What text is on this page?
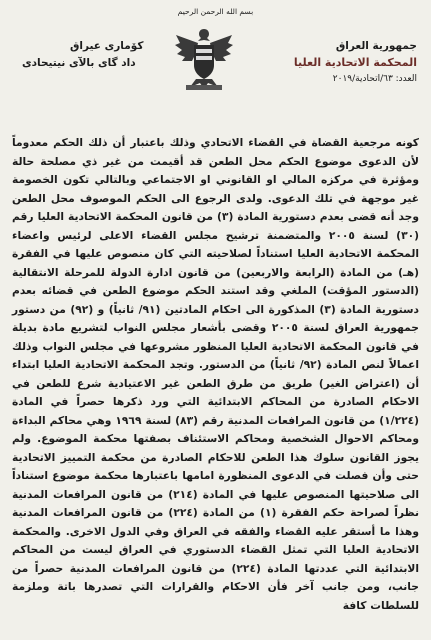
بسم الله الرحمن الرحيم
جمهورية العراق
المحكمة الاتحادية العليا
العدد: ٦٣/اتحادية/٢٠١٩
کۆماری عیراق
داد گاى بالآى نيتيحادى

كونه مرجعية القضاة في القضاء الاتحادي وذلك باعتبار أن ذلك الحكم معدوماً لأن الدعوى موضوع الحكم محل الطعن قد أقيمت من غير ذي مصلحة حالة ومؤثرة في مركزه المالي او القانوني او الاجتماعي وبالتالي تكون الخصومة غير موجهة في تلك الدعوى. ولدى الرجوع الى الحكم الموصوف محل الطعن وجد أنه قضى بعدم دستورية المادة (٣) من قانون المحكمة الاتحادية العليا رقم (٣٠) لسنة ٢٠٠٥ والمتضمنة ترشيح مجلس القضاء الاعلى لرئيس واعضاء المحكمة الاتحادية العليا استناداً لصلاحيته التي كان منصوص عليها في الفقرة (هـ) من المادة (الرابعة والاربعين) من قانون ادارة الدولة للمرحلة الانتقالية (الدستور المؤقت) الملغي وقد استند الحكم موضوع الطعن في قضائه بعدم دستورية المادة (٣) المذكورة الى احكام المادتين (٩١/ ثانياً) و (٩٢) من دستور جمهورية العراق لسنة ٢٠٠٥ وقضى بأشعار مجلس النواب لتشريع مادة بديلة في قانون المحكمة الاتحادية العليا المنظور مشروعها في مجلس النواب وذلك اعمالاً لنص المادة (٩٢/ ثانياً) من الدستور. وتجد المحكمة الاتحادية العليا ابتداء أن (اعتراض الغير) طريق من طرق الطعن غير الاعتيادية شرع للطعن في الاحكام الصادرة من المحاكم الابتدائية التي ورد ذكرها حصراً في المادة (١/٢٢٤) من قانون المرافعات المدنية رقم (٨٣) لسنة ١٩٦٩ وهي محاكم البداءة ومحاكم الاحوال الشخصية ومحاكم الاستئناف بصفتها محكمة الموضوع. ولم يجوز القانون سلوك هذا الطعن للاحكام الصادرة من محكمة التمييز الاتحادية حتى وأن فصلت في الدعوى المنظورة امامها باعتبارها محكمة موضوع استناداً الى صلاحيتها المنصوص عليها في المادة (٢١٤) من قانون المرافعات المدنية نظراً لصراحة حكم الفقرة (١) من المادة (٢٢٤) من قانون المرافعات المدنية وهذا ما أستقر عليه القضاء والفقه في العراق وفي الدول الاخرى. والمحكمة الاتحادية العليا التي تمثل القضاء الدستوري في العراق ليست من المحاكم الابتدائية التي عددتها المادة (٢٢٤) من قانون المرافعات المدنية حصراً من جانب، ومن جانب آخر فأن الاحكام والقرارات التي تصدرها باتة وملزمة للسلطات كافة
